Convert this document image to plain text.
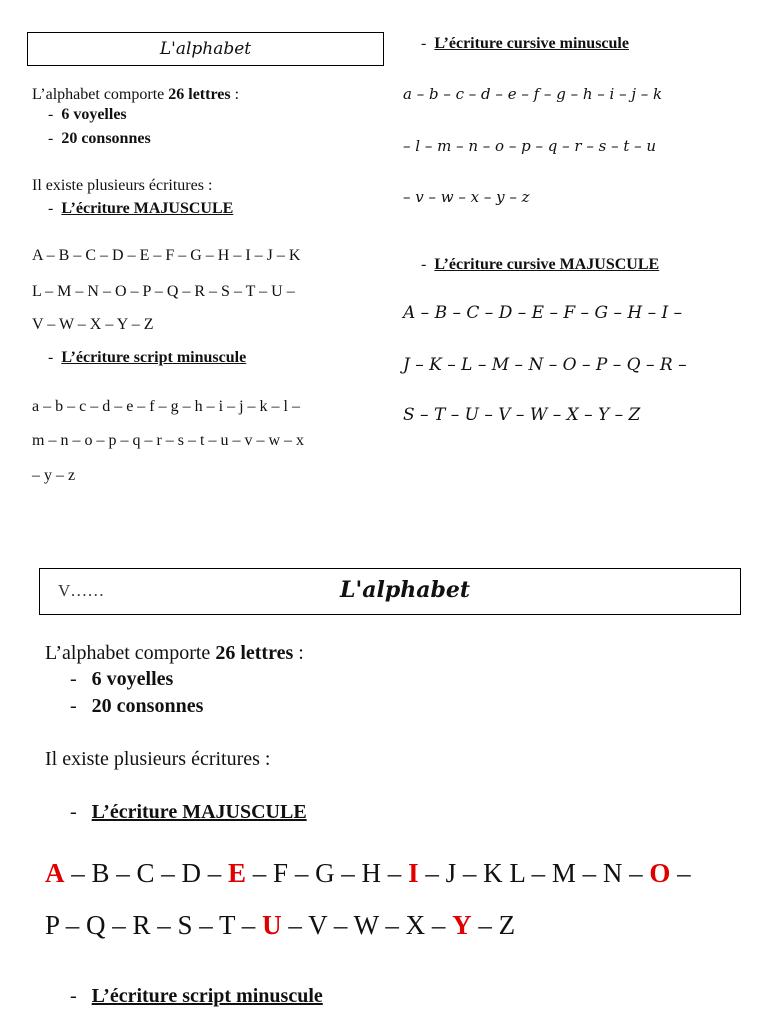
L'alphabet
L’alphabet comporte 26 lettres :
- 6 voyelles
- 20 consonnes
Il existe plusieurs écritures :
- L’écriture MAJUSCULE
A – B – C – D – E – F – G – H – I – J – K
L – M – N – O – P – Q – R – S – T – U –
V – W – X – Y – Z
- L’écriture script minuscule
a – b – c – d – e – f – g – h – i – j – k – l –
m – n – o – p – q – r – s – t – u – v – w – x
– y – z
- L’écriture cursive minuscule
a – b – c – d – e – f – g – h – i – j – k
– l – m – n – o – p – q – r – s – t – u
– v – w – x – y – z
- L’écriture cursive MAJUSCULE
A – B – C – D – E – F – G – H – I –
J – K – L – M – N – O – P – Q – R –
S – T – U – V – W – X – Y – Z
V……	L'alphabet
L’alphabet comporte 26 lettres :
- 6 voyelles
- 20 consonnes
Il existe plusieurs écritures :
- L’écriture MAJUSCULE
A – B – C – D – E – F – G – H – I – J – K L – M – N – O –
P – Q – R – S – T – U – V – W – X – Y – Z
- L’écriture script minuscule
